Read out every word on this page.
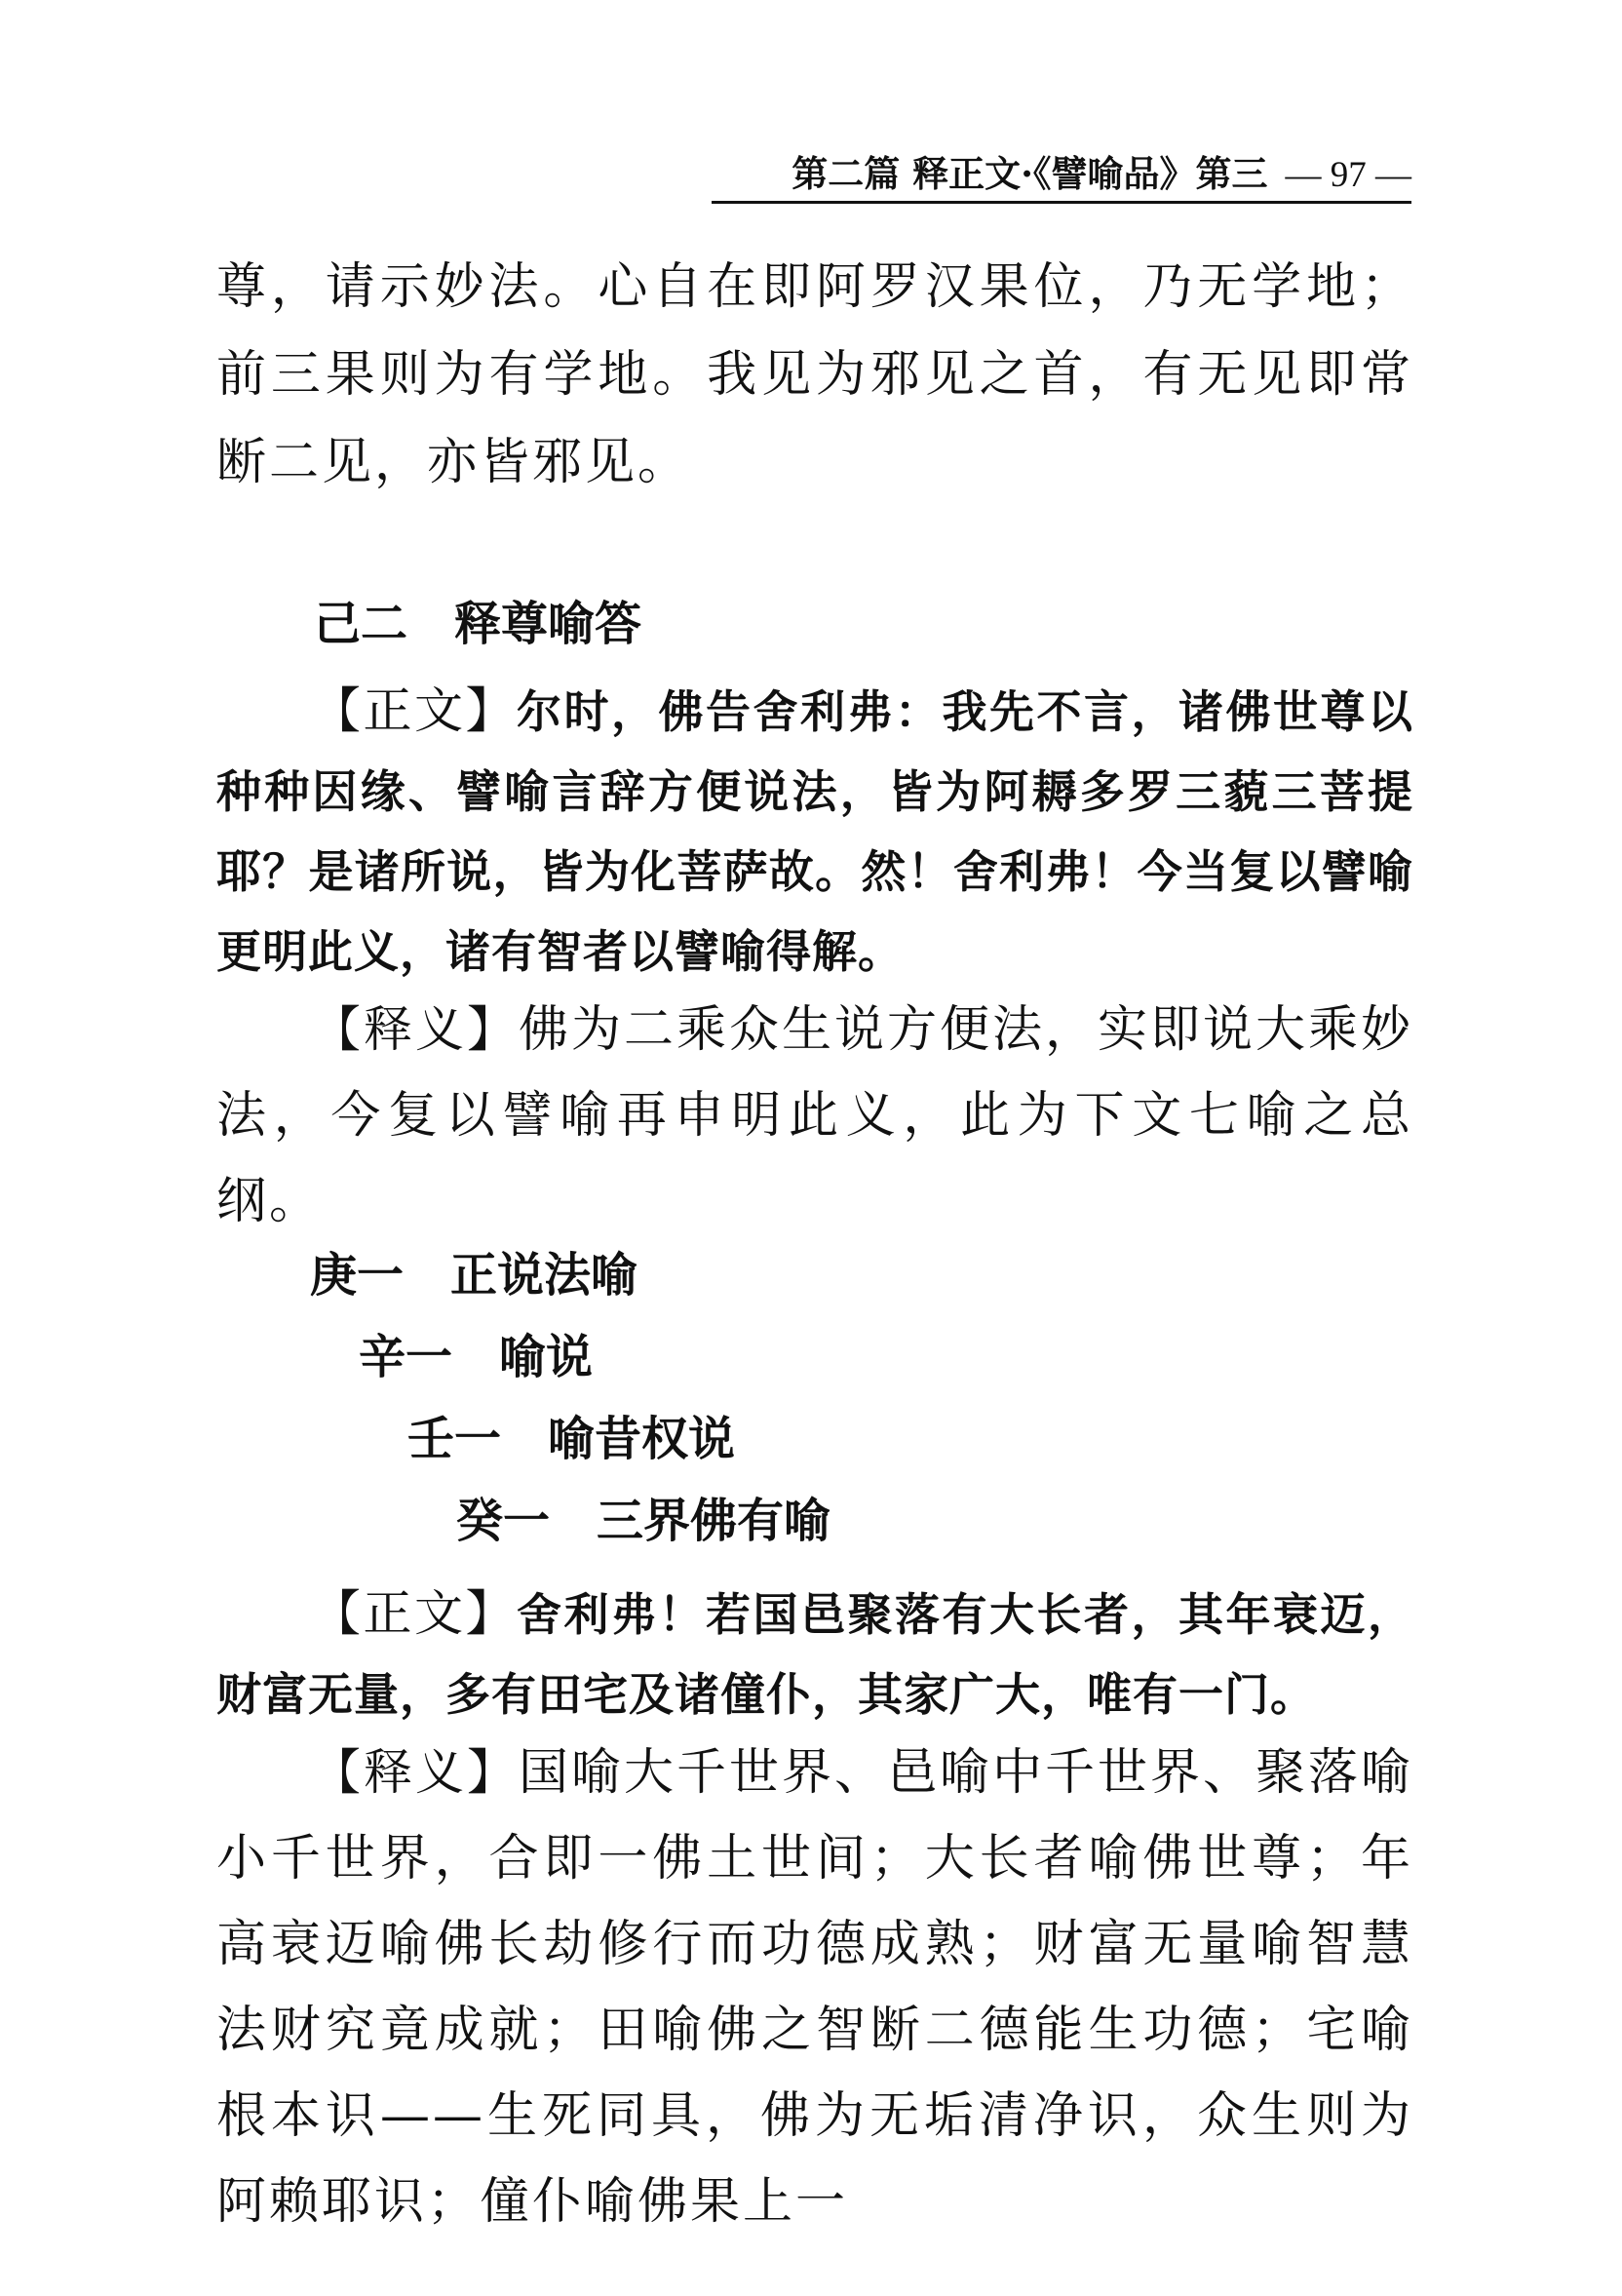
第二篇 释正文·《譬喻品》第三 — 97 —
尊，请示妙法。心自在即阿罗汉果位，乃无学地；前三果则为有学地。我见为邪见之首，有无见即常断二见，亦皆邪见。
己二 释尊喻答
【正文】尔时，佛告舍利弗：我先不言，诸佛世尊以种种因缘、譬喻言辞方便说法，皆为阿耨多罗三藐三菩提耶？是诸所说，皆为化菩萨故。然！舍利弗！今当复以譬喻更明此义，诸有智者以譬喻得解。
【释义】佛为二乘众生说方便法，实即说大乘妙法，今复以譬喻再申明此义，此为下文七喻之总纲。
庚一 正说法喻
辛一 喻说
壬一 喻昔权说
癸一 三界佛有喻
【正文】舍利弗！若国邑聚落有大长者，其年衰迈，财富无量，多有田宅及诸僮仆，其家广大，唯有一门。
【释义】国喻大千世界、邑喻中千世界、聚落喻小千世界，合即一佛土世间；大长者喻佛世尊；年高衰迈喻佛长劫修行而功德成熟；财富无量喻智慧法财究竟成就；田喻佛之智断二德能生功德；宅喻根本识——生死同具，佛为无垢清净识，众生则为阿赖耶识；僮仆喻佛果上一
